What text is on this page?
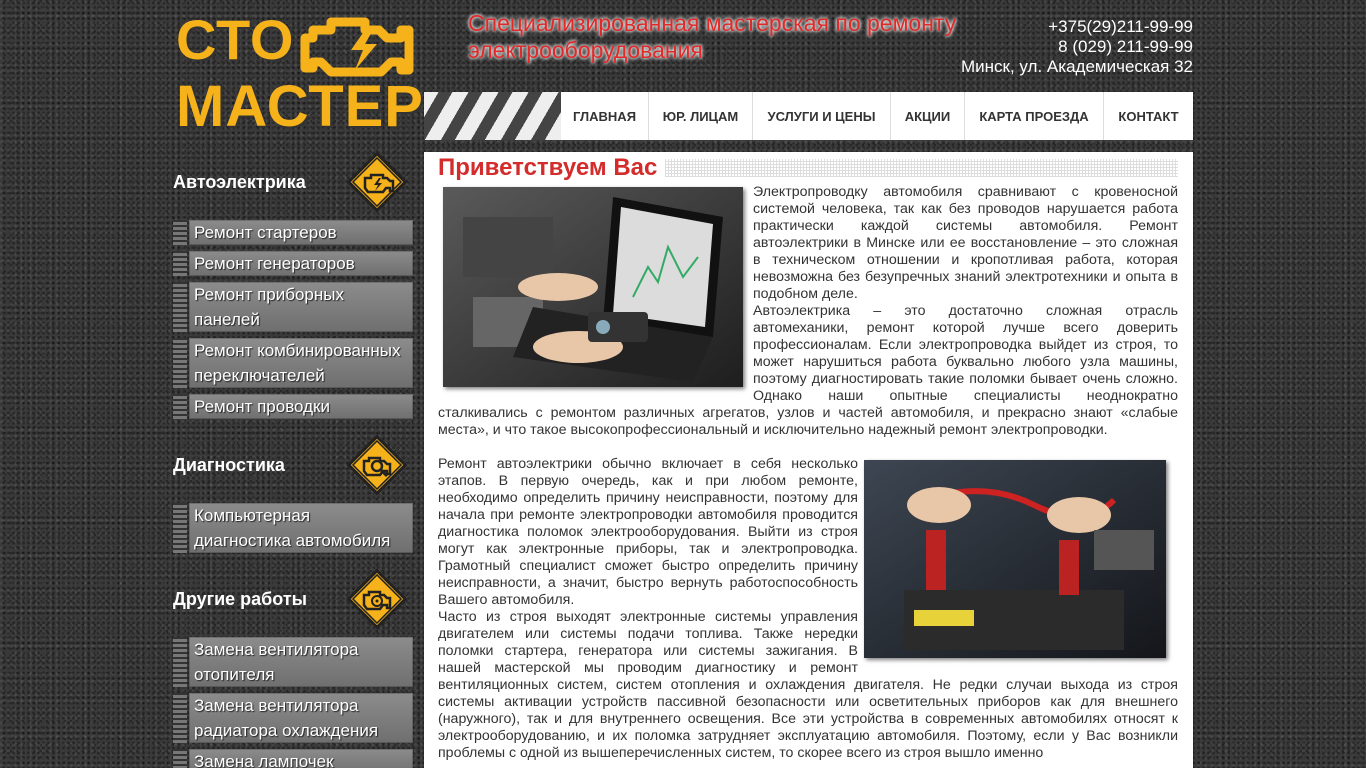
СТО
МАСТЕР
Специализированная мастерская по ремонту электрооборудования
+375(29)211-99-99
8 (029) 211-99-99
Минск, ул. Академическая 32
ГЛАВНАЯ	ЮР. ЛИЦАМ	УСЛУГИ И ЦЕНЫ	АКЦИИ	КАРТА ПРОЕЗДА	КОНТАКТ
Автоэлектрика
Ремонт стартеров
Ремонт генераторов
Ремонт приборных панелей
Ремонт комбинированных переключателей
Ремонт проводки
Диагностика
Компьютерная диагностика автомобиля
Другие работы
Замена вентилятора отопителя
Замена вентилятора радиатора охлаждения
Замена лампочек
Приветствуем Вас

Электропроводку автомобиля сравнивают с кровеносной системой человека, так как без проводов нарушается работа практически каждой системы автомобиля. Ремонт автоэлектрики в Минске или ее восстановление – это сложная в техническом отношении и кропотливая работа, которая невозможна без безупречных знаний электротехники и опыта в подобном деле.

Автоэлектрика – это достаточно сложная отрасль автомеханики, ремонт которой лучше всего доверить профессионалам. Если электропроводка выйдет из строя, то может нарушиться работа буквально любого узла машины, поэтому диагностировать такие поломки бывает очень сложно. Однако наши опытные специалисты неоднократно сталкивались с ремонтом различных агрегатов, узлов и частей автомобиля, и прекрасно знают «слабые места», и что такое высокопрофессиональный и исключительно надежный ремонт электропроводки.

Ремонт автоэлектрики обычно включает в себя несколько этапов. В первую очередь, как и при любом ремонте, необходимо определить причину неисправности, поэтому для начала при ремонте электропроводки автомобиля проводится диагностика поломок электрооборудования. Выйти из строя могут как электронные приборы, так и электропроводка. Грамотный специалист сможет быстро определить причину неисправности, а значит, быстро вернуть работоспособность Вашего автомобиля.

Часто из строя выходят электронные системы управления двигателем или системы подачи топлива. Также нередки поломки стартера, генератора или системы зажигания. В нашей мастерской мы проводим диагностику и ремонт вентиляционных систем, систем отопления и охлаждения двигателя. Не редки случаи выхода из строя системы активации устройств пассивной безопасности или осветительных приборов как для внешнего (наружного), так и для внутреннего освещения. Все эти устройства в современных автомобилях относят к электрооборудованию, и их поломка затрудняет эксплуатацию автомобиля. Поэтому, если у Вас возникли проблемы с одной из вышеперечисленных систем, то скорее всего из строя вышло именно
